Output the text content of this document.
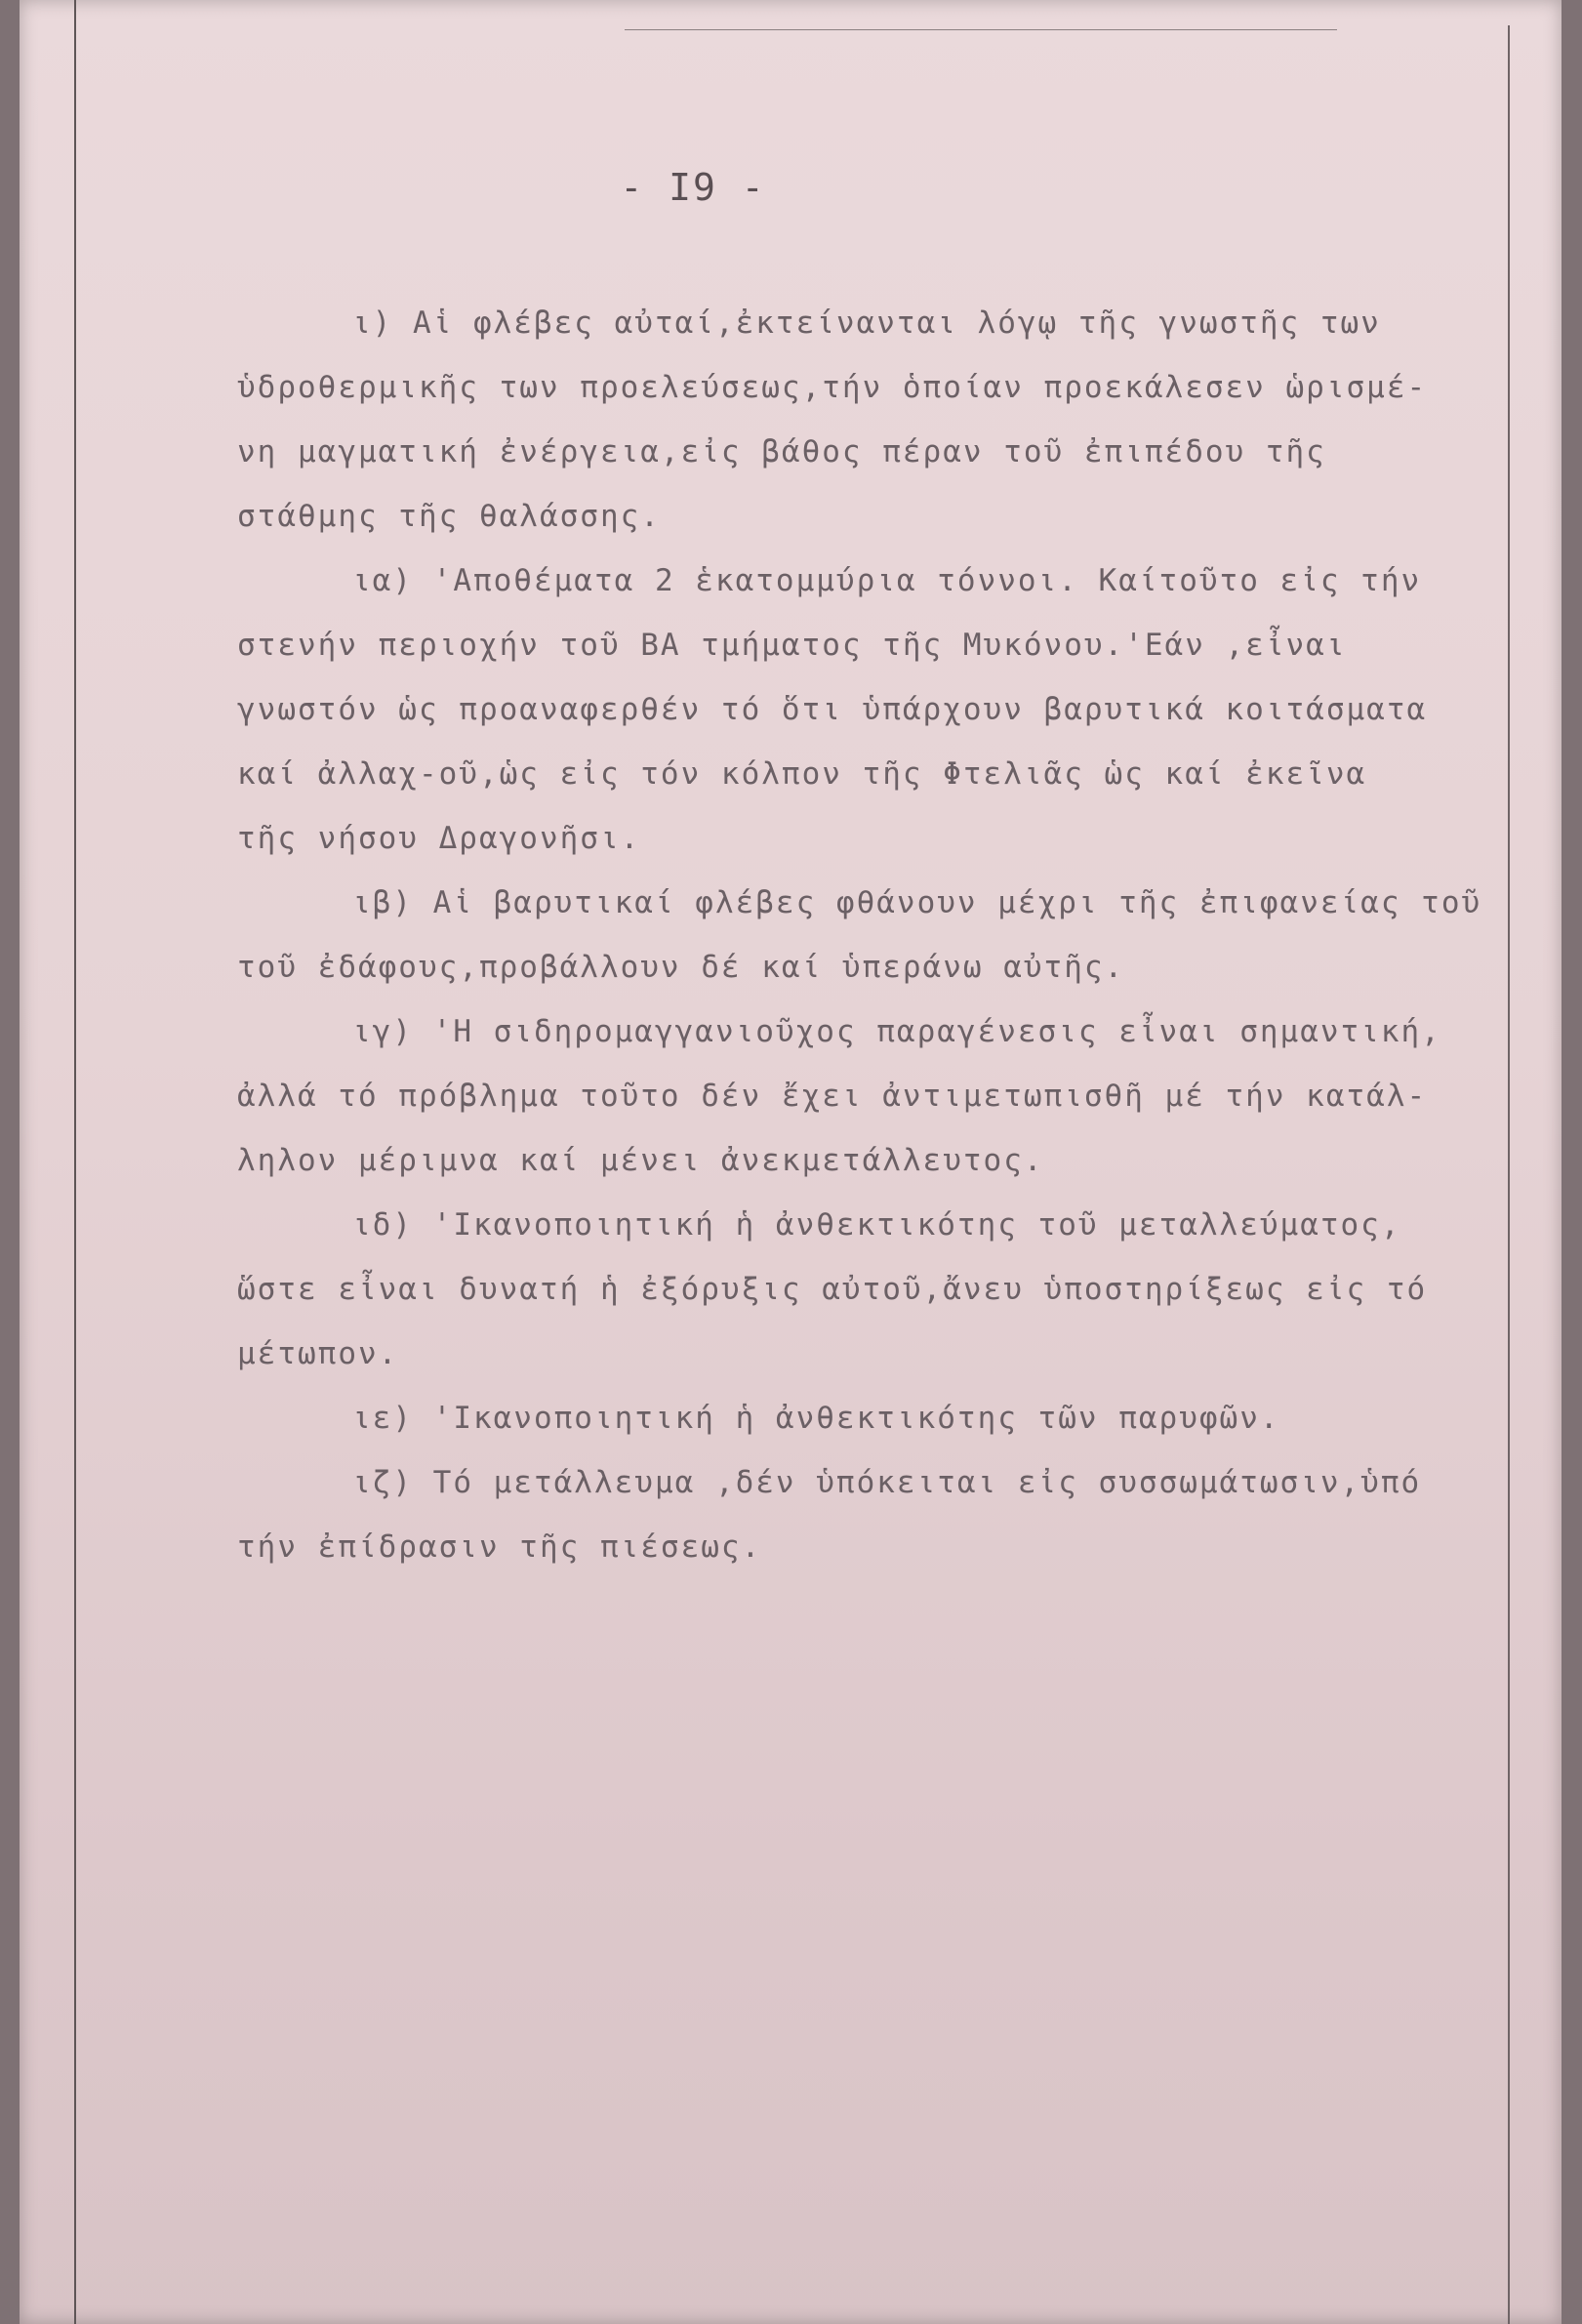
- I9 -

ι) Αἱ φλέβες αὐταί,ἐκτείνανται λόγῳ τῆς γνωστῆς των
ὑδροθερμικῆς των προελεύσεως,τήν ὁποίαν προεκάλεσεν ὡρισμέ-
νη μαγματική ἐνέργεια,εἰς βάθος πέραν τοῦ ἐπιπέδου τῆς
στάθμης τῆς θαλάσσης.

ια) 'Αποθέματα 2 ἑκατομμύρια τόννοι. Καίτοῦτο εἰς τήν
στενήν περιοχήν τοῦ ΒΑ τμήματος τῆς Μυκόνου.'Εάν ,εἶναι
γνωστόν ὡς προαναφερθέν τό ὅτι ὑπάρχουν βαρυτικά κοιτάσματα
καί ἀλλαχ-οῦ,ὡς εἰς τόν κόλπον τῆς Φτελιᾶς ὡς καί ἐκεῖνα
τῆς νήσου Δραγονῆσι.

ιβ) Αἱ βαρυτικαί φλέβες φθάνουν μέχρι τῆς ἐπιφανείας τοῦ
τοῦ ἐδάφους,προβάλλουν δέ καί ὑπεράνω αὐτῆς.

ιγ) 'Η σιδηρομαγγανιοῦχος παραγένεσις εἶναι σημαντική,
ἀλλά τό πρόβλημα τοῦτο δέν ἔχει ἀντιμετωπισθῆ μέ τήν κατάλ-
ληλον μέριμνα καί μένει ἀνεκμετάλλευτος.

ιδ) 'Ικανοποιητική ἡ ἀνθεκτικότης τοῦ μεταλλεύματος,
ὥστε εἶναι δυνατή ἡ ἐξόρυξις αὐτοῦ,ἄνευ ὑποστηρίξεως εἰς τό
μέτωπον.

ιε) 'Ικανοποιητική ἡ ἀνθεκτικότης τῶν παρυφῶν.

ιζ) Τό μετάλλευμα ,δέν ὑπόκειται εἰς συσσωμάτωσιν,ὑπό
τήν ἐπίδρασιν τῆς πιέσεως.
